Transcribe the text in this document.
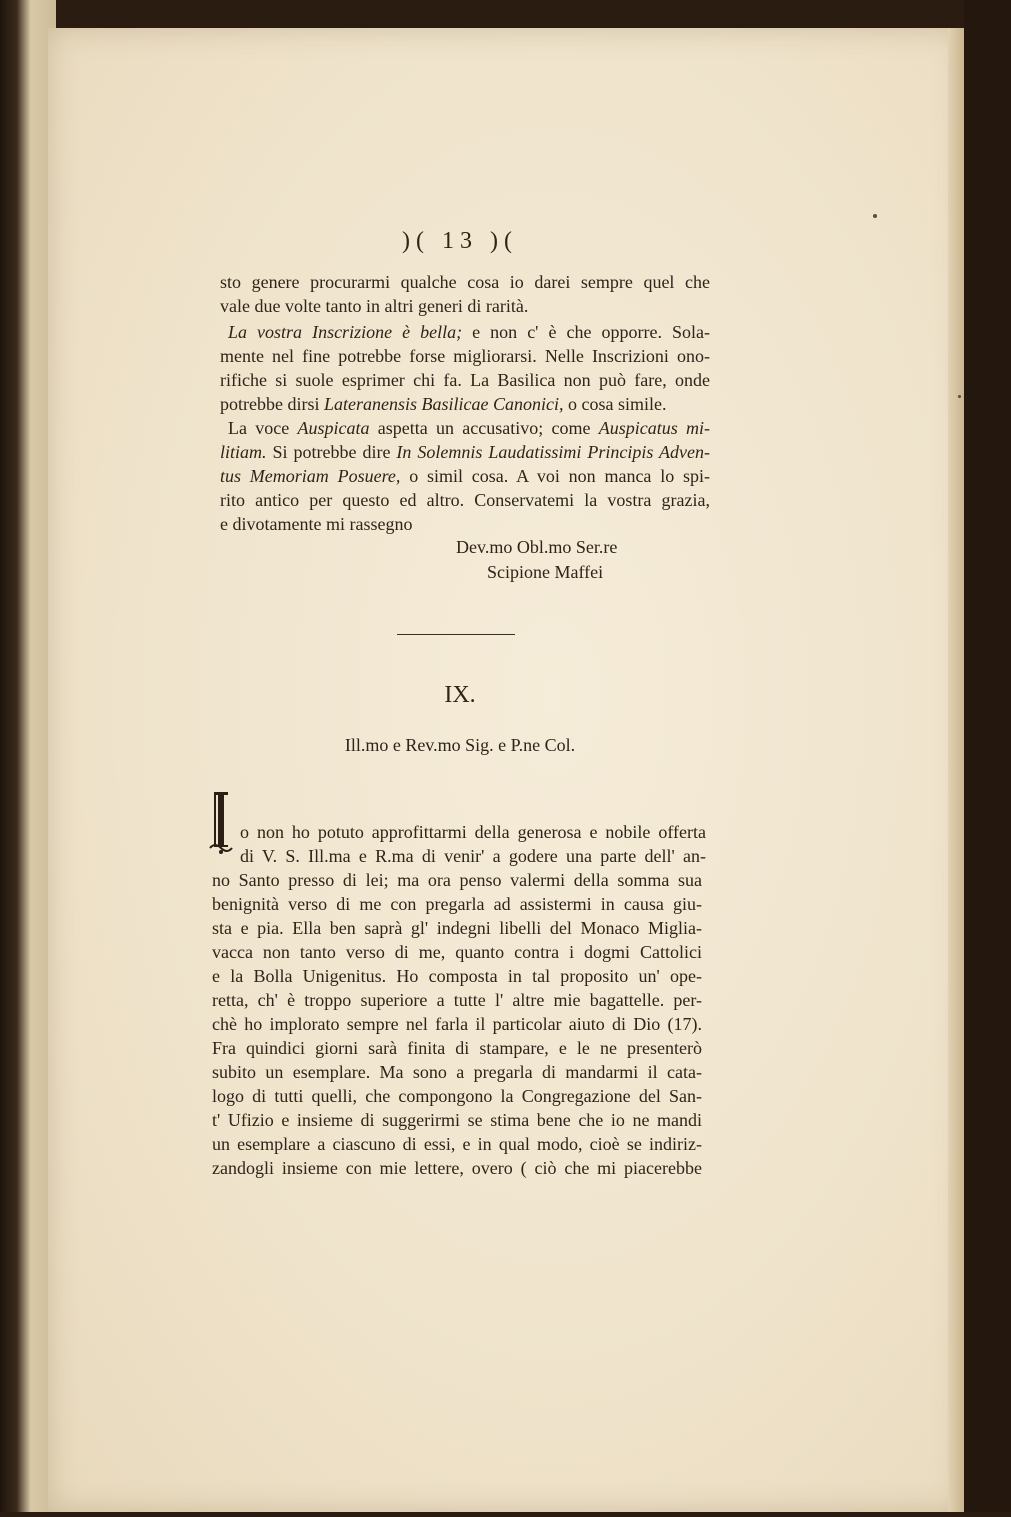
)( 13 )(
sto genere procurarmi qualche cosa io darei sempre quel che
vale due volte tanto in altri generi di rarità.
La vostra Inscrizione è bella; e non c' è che opporre. Sola-
mente nel fine potrebbe forse migliorarsi. Nelle Inscrizioni ono-
rifiche si suole esprimer chi fa. La Basilica non può fare, onde
potrebbe dirsi Lateranensis Basilicae Canonici, o cosa simile.
La voce Auspicata aspetta un accusativo; come Auspicatus mi-
litiam. Si potrebbe dire In Solemnis Laudatissimi Principis Adven-
tus Memoriam Posuere, o simil cosa. A voi non manca lo spi-
rito antico per questo ed altro. Conservatemi la vostra grazia,
e divotamente mi rassegno
Dev.mo Obl.mo Ser.re
Scipione Maffei
IX.
Ill.mo e Rev.mo Sig. e P.ne Col.
o non ho potuto approfittarmi della generosa e nobile offerta
di V. S. Ill.ma e R.ma di venir' a godere una parte dell' an-
no Santo presso di lei; ma ora penso valermi della somma sua
benignità verso di me con pregarla ad assistermi in causa giu-
sta e pia. Ella ben saprà gl' indegni libelli del Monaco Miglia-
vacca non tanto verso di me, quanto contra i dogmi Cattolici
e la Bolla Unigenitus. Ho composta in tal proposito un' ope-
retta, ch' è troppo superiore a tutte l' altre mie bagattelle. per-
chè ho implorato sempre nel farla il particolar aiuto di Dio (17).
Fra quindici giorni sarà finita di stampare, e le ne presenterò
subito un esemplare. Ma sono a pregarla di mandarmi il cata-
logo di tutti quelli, che compongono la Congregazione del San-
t' Ufizio e insieme di suggerirmi se stima bene che io ne mandi
un esemplare a ciascuno di essi, e in qual modo, cioè se indiriz-
zandogli insieme con mie lettere, overo ( ciò che mi piacerebbe
